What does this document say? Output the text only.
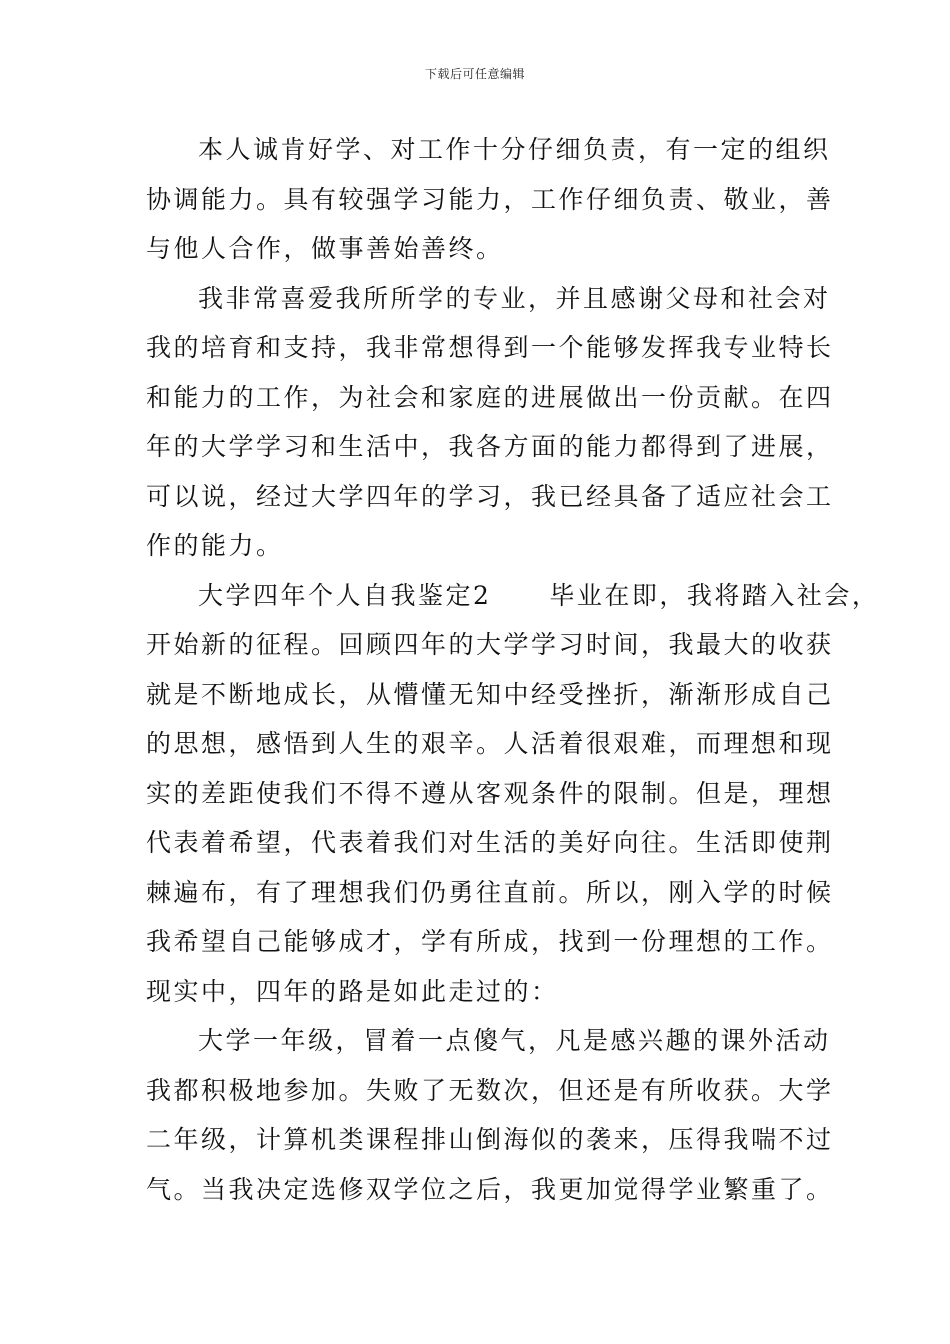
下载后可任意编辑
本人诚肯好学、对工作十分仔细负责，有一定的组织
协调能力。具有较强学习能力，工作仔细负责、敬业，善
与他人合作，做事善始善终。
我非常喜爱我所所学的专业，并且感谢父母和社会对
我的培育和支持，我非常想得到一个能够发挥我专业特长
和能力的工作，为社会和家庭的进展做出一份贡献。在四
年的大学学习和生活中，我各方面的能力都得到了进展，
可以说，经过大学四年的学习，我已经具备了适应社会工
作的能力。
大学四年个人自我鉴定2 毕业在即，我将踏入社会，
开始新的征程。回顾四年的大学学习时间，我最大的收获
就是不断地成长，从懵懂无知中经受挫折，渐渐形成自己
的思想，感悟到人生的艰辛。人活着很艰难，而理想和现
实的差距使我们不得不遵从客观条件的限制。但是，理想
代表着希望，代表着我们对生活的美好向往。生活即使荆
棘遍布，有了理想我们仍勇往直前。所以，刚入学的时候
我希望自己能够成才，学有所成，找到一份理想的工作。
现实中，四年的路是如此走过的：
大学一年级，冒着一点傻气，凡是感兴趣的课外活动
我都积极地参加。失败了无数次，但还是有所收获。大学
二年级，计算机类课程排山倒海似的袭来，压得我喘不过
气。当我决定选修双学位之后，我更加觉得学业繁重了。
